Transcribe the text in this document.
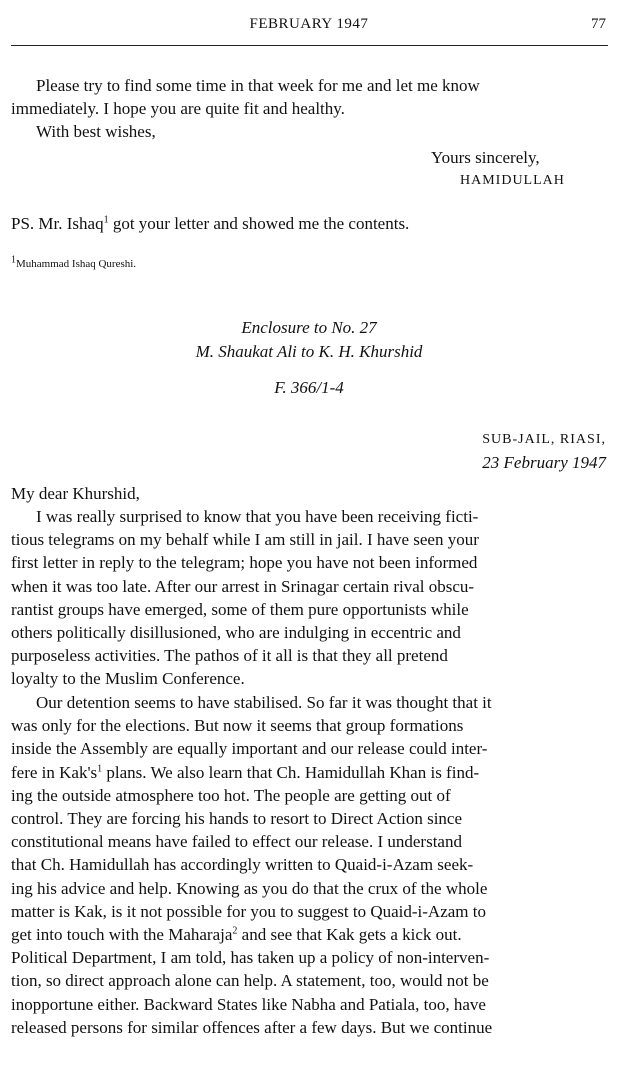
FEBRUARY 1947	77

Please try to find some time in that week for me and let me know

immediately. I hope you are quite fit and healthy.

With best wishes,

Yours sincerely,

HAMIDULLAH

PS. Mr. Ishaq$^1$ got your letter and showed me the contents.

$^1$Muhammad Ishaq Qureshi.
Enclosure to No. 27
M. Shaukat Ali to K. H. Khurshid
F. 366/1-4
SUB-JAIL, RIASI,
23 February 1947

My dear Khurshid,

I was really surprised to know that you have been receiving ficti-
tious telegrams on my behalf while I am still in jail. I have seen your
first letter in reply to the telegram; hope you have not been informed
when it was too late. After our arrest in Srinagar certain rival obscu-
rantist groups have emerged, some of them pure opportunists while
others politically disillusioned, who are indulging in eccentric and
purposeless activities. The pathos of it all is that they all pretend
loyalty to the Muslim Conference.
Our detention seems to have stabilised. So far it was thought that it
was only for the elections. But now it seems that group formations
inside the Assembly are equally important and our release could inter-
fere in $Kak's^1$ plans. We also learn that Ch. Hamidullah Khan is find-
ing the outside atmosphere too hot. The people are getting out of
control. They are forcing his hands to resort to Direct Action since
constitutional means have failed to effect our release. I understand
that Ch. Hamidullah has accordingly written to Quaid-i-Azam seek-
ing his advice and help. Knowing as you do that the crux of the whole
matter is Kak, is it not possible for you to suggest to Quaid-i-Azam to
get into touch with the Maharaja$^2$ and see that Kak gets a kick out.
Political Department, I am told, has taken up a policy of non-interven-
tion, so direct approach alone can help. A statement, too, would not be
inopportune either. Backward States like Nabha and Patiala, too, have
released persons for similar offences after a few days. But we continue
